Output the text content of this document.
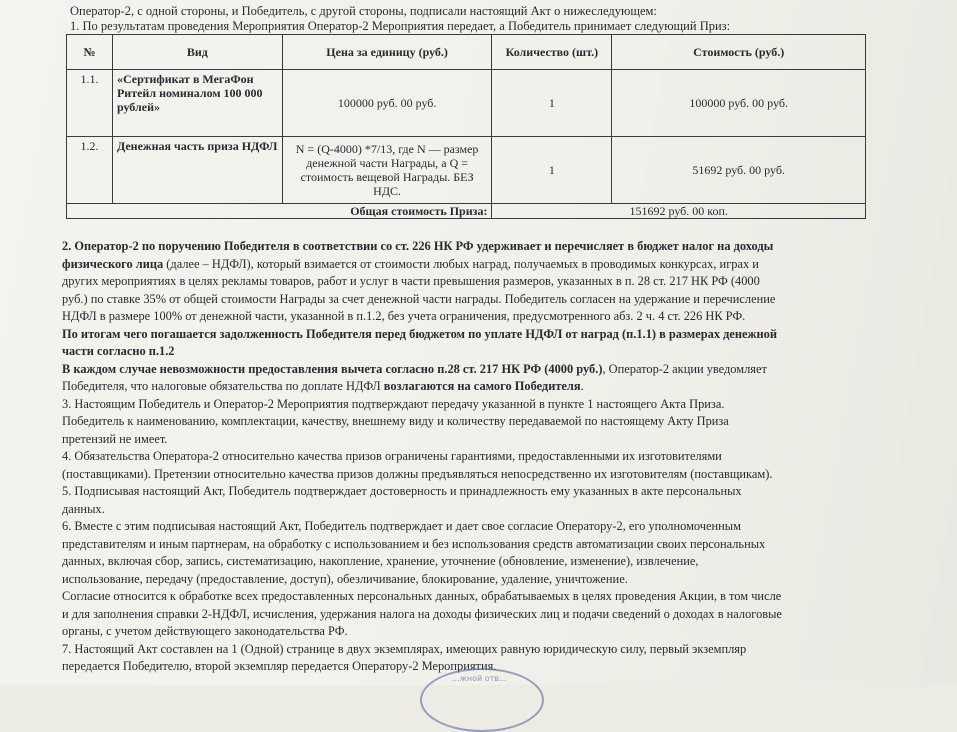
Оператор-2, с одной стороны, и Победитель, с другой стороны, подписали настоящий Акт о нижеследующем:
1. По результатам проведения Мероприятия Оператор-2 Мероприятия передает, а Победитель принимает следующий Приз:
№	Вид	Цена за единицу (руб.)	Количество (шт.)	Стоимость (руб.)
1.1.	«Сертификат в МегаФон Ритейл номиналом 100 000 рублей»	100000 руб. 00 руб.	1	100000 руб. 00 руб.
1.2.	Денежная часть приза НДФЛ	N = (Q-4000) *7/13, где N — размер денежной части Награды, а Q = стоимость вещевой Награды. БЕЗ НДС.	1	51692 руб. 00 руб.
Общая стоимость Приза:			151692 руб. 00 коп.	

2. Оператор-2 по поручению Победителя в соответствии со ст. 226 НК РФ удерживает и перечисляет в бюджет налог на доходы

физического лица (далее – НДФЛ), который взимается от стоимости любых наград, получаемых в проводимых конкурсах, играх и

других мероприятиях в целях рекламы товаров, работ и услуг в части превышения размеров, указанных в п. 28 ст. 217 НК РФ (4000

руб.) по ставке 35% от общей стоимости Награды за счет денежной части награды. Победитель согласен на удержание и перечисление

НДФЛ в размере 100% от денежной части, указанной в п.1.2, без учета ограничения, предусмотренного абз. 2 ч. 4 ст. 226 НК РФ.

По итогам чего погашается задолженность Победителя перед бюджетом по уплате НДФЛ от наград (п.1.1) в размерах денежной

части согласно п.1.2

В каждом случае невозможности предоставления вычета согласно п.28 ст. 217 НК РФ (4000 руб.), Оператор-2 акции уведомляет

Победителя, что налоговые обязательства по доплате НДФЛ возлагаются на самого Победителя.

3. Настоящим Победитель и Оператор-2 Мероприятия подтверждают передачу указанной в пункте 1 настоящего Акта Приза.

Победитель к наименованию, комплектации, качеству, внешнему виду и количеству передаваемой по настоящему Акту Приза

претензий не имеет.

4. Обязательства Оператора-2 относительно качества призов ограничены гарантиями, предоставленными их изготовителями

(поставщиками). Претензии относительно качества призов должны предъявляться непосредственно их изготовителям (поставщикам).

5. Подписывая настоящий Акт, Победитель подтверждает достоверность и принадлежность ему указанных в акте персональных

данных.

6. Вместе с этим подписывая настоящий Акт, Победитель подтверждает и дает свое согласие Оператору-2, его уполномоченным

представителям и иным партнерам, на обработку с использованием и без использования средств автоматизации своих персональных

данных, включая сбор, запись, систематизацию, накопление, хранение, уточнение (обновление, изменение), извлечение,

использование, передачу (предоставление, доступ), обезличивание, блокирование, удаление, уничтожение.

Согласие относится к обработке всех предоставленных персональных данных, обрабатываемых в целях проведения Акции, в том числе

и для заполнения справки 2-НДФЛ, исчисления, удержания налога на доходы физических лиц и подачи сведений о доходах в налоговые

органы, с учетом действующего законодательства РФ.

7. Настоящий Акт составлен на 1 (Одной) странице в двух экземплярах, имеющих равную юридическую силу, первый экземпляр

передается Победителю, второй экземпляр передается Оператору-2 Мероприятия.

...жной отв...
